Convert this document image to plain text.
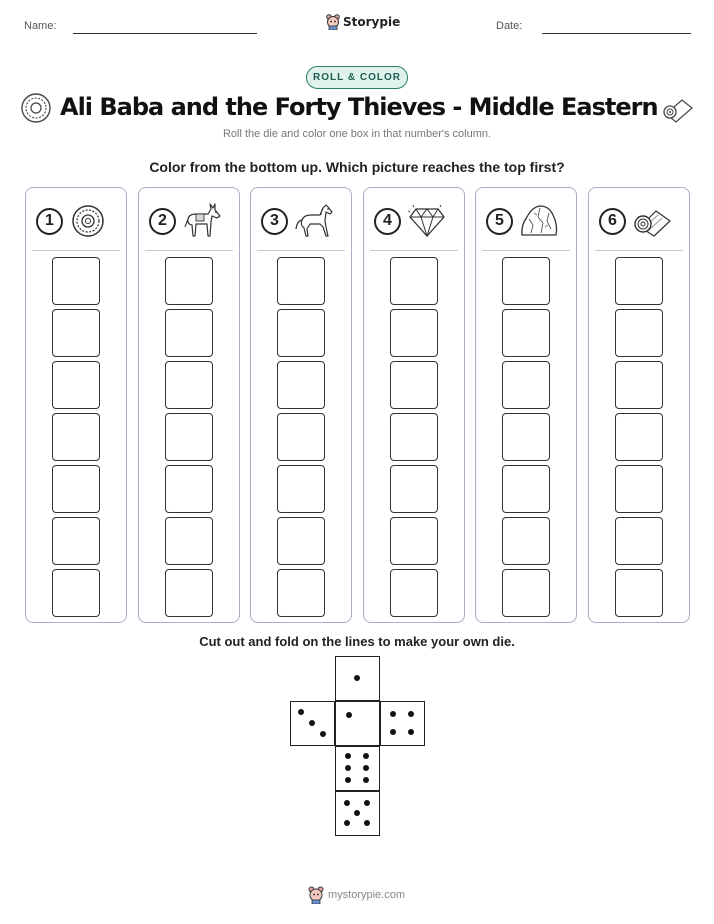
Name:	Storypie	Date:
ROLL & COLOR
Ali Baba and the Forty Thieves - Middle Eastern
Roll the die and color one box in that number's column.
Color from the bottom up. Which picture reaches the top first?
1	2	3	4	5	6
Cut out and fold on the lines to make your own die.
mystorypie.com
